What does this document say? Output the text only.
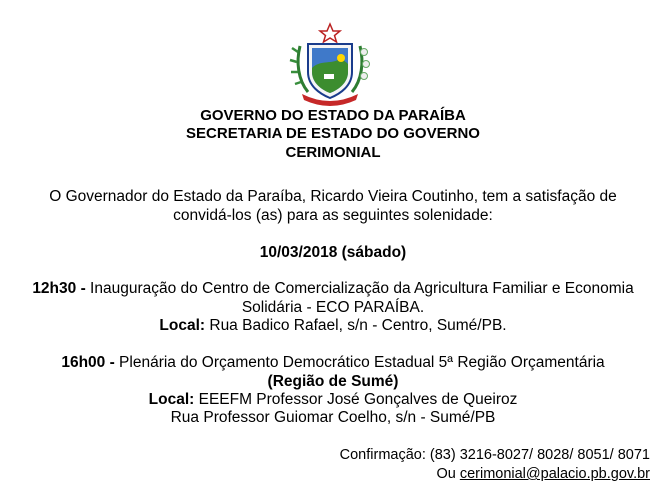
GOVERNO DO ESTADO DA PARAÍBA
SECRETARIA DE ESTADO DO GOVERNO
CERIMONIAL
O Governador do Estado da Paraíba, Ricardo Vieira Coutinho, tem a satisfação de
convidá-los (as) para as seguintes solenidade:
10/03/2018 (sábado)
12h30 - Inauguração do Centro de Comercialização da Agricultura Familiar e Economia
Solidária - ECO PARAÍBA.
Local: Rua Badico Rafael, s/n - Centro, Sumé/PB.
16h00 - Plenária do Orçamento Democrático Estadual 5ª Região Orçamentária
(Região de Sumé)
Local: EEEFM Professor José Gonçalves de Queiroz
Rua Professor Guiomar Coelho, s/n - Sumé/PB
Confirmação: (83) 3216-8027/ 8028/ 8051/ 8071
Ou cerimonial@palacio.pb.gov.br
